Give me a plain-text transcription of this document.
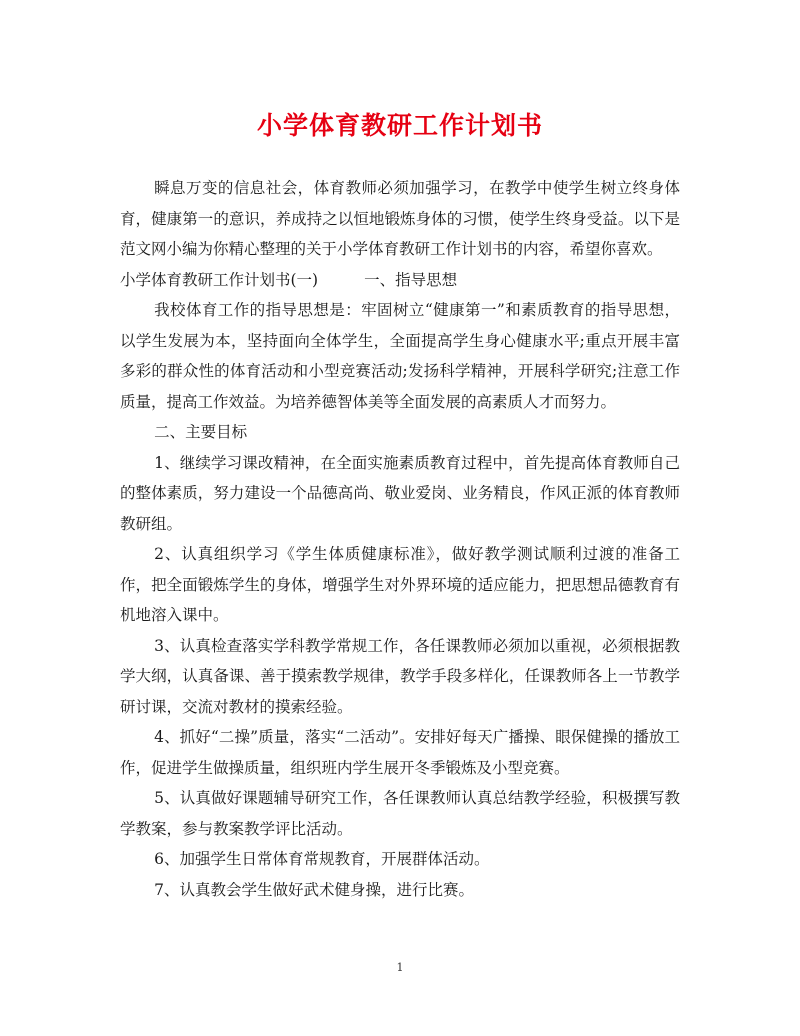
小学体育教研工作计划书

瞬息万变的信息社会，体育教师必须加强学习，在教学中使学生树立终身体育，健康第一的意识，养成持之以恒地锻炼身体的习惯，使学生终身受益。以下是范文网小编为你精心整理的关于小学体育教研工作计划书的内容，希望你喜欢。

小学体育教研工作计划书(一)	一、指导思想

我校体育工作的指导思想是：牢固树立“健康第一”和素质教育的指导思想，以学生发展为本，坚持面向全体学生，全面提高学生身心健康水平;重点开展丰富多彩的群众性的体育活动和小型竞赛活动;发扬科学精神，开展科学研究;注意工作质量，提高工作效益。为培养德智体美等全面发展的高素质人才而努力。

二、主要目标

1、继续学习课改精神，在全面实施素质教育过程中，首先提高体育教师自己的整体素质，努力建设一个品德高尚、敬业爱岗、业务精良，作风正派的体育教师教研组。

2、认真组织学习《学生体质健康标准》，做好教学测试顺利过渡的准备工作，把全面锻炼学生的身体，增强学生对外界环境的适应能力，把思想品德教育有机地溶入课中。

3、认真检查落实学科教学常规工作，各任课教师必须加以重视，必须根据教学大纲，认真备课、善于摸索教学规律，教学手段多样化，任课教师各上一节教学研讨课，交流对教材的摸索经验。

4、抓好“二操”质量，落实“二活动”。安排好每天广播操、眼保健操的播放工作，促进学生做操质量，组织班内学生展开冬季锻炼及小型竞赛。

5、认真做好课题辅导研究工作，各任课教师认真总结教学经验，积极撰写教学教案，参与教案教学评比活动。

6、加强学生日常体育常规教育，开展群体活动。

7、认真教会学生做好武术健身操，进行比赛。

1
